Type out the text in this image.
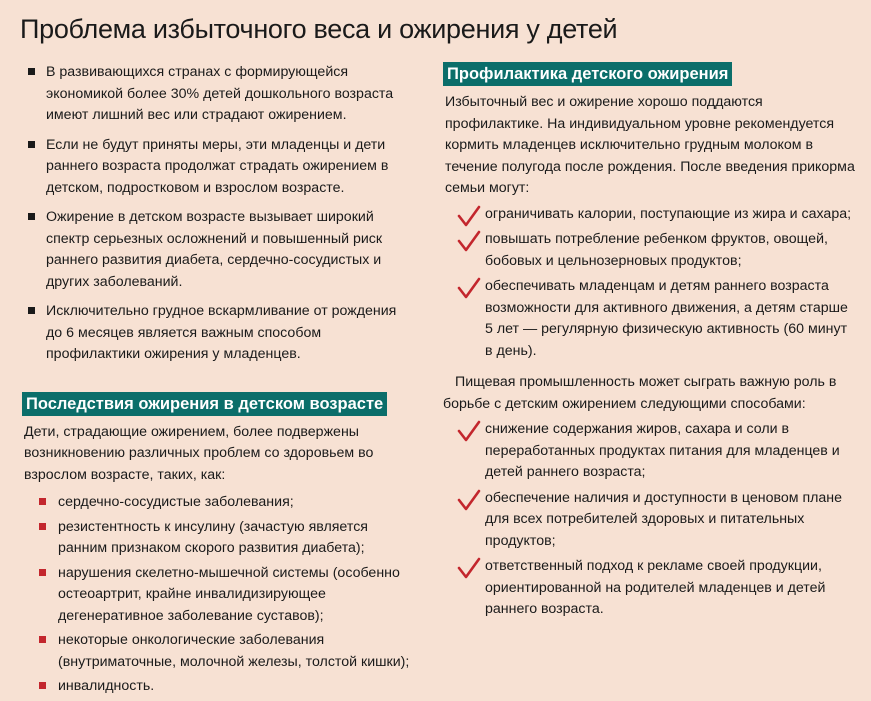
Проблема избыточного веса и ожирения у детей
В развивающихся странах с формирующейся экономикой более 30% детей дошкольного возраста имеют лишний вес или страдают ожирением.
Если не будут приняты меры, эти младенцы и дети раннего возраста продолжат страдать ожирением в детском, подростковом и взрослом возрасте.
Ожирение в детском возрасте вызывает широкий спектр серьезных осложнений и повышенный риск раннего развития диабета, сердечно-сосудистых и других заболеваний.
Исключительно грудное вскармливание от рождения до 6 месяцев является важным способом профилактики ожирения у младенцев.
Последствия ожирения в детском возрасте

Дети, страдающие ожирением, более подвержены возникновению различных проблем со здоровьем во взрослом возрасте, таких, как:

сердечно-сосудистые заболевания;
резистентность к инсулину (зачастую является ранним признаком скорого развития диабета);
нарушения скелетно-мышечной системы (особенно остеоартрит, крайне инвалидизирующее дегенеративное заболевание суставов);
некоторые онкологические заболевания (внутриматочные, молочной железы, толстой кишки);
инвалидность.
Профилактика детского ожирения

Избыточный вес и ожирение хорошо поддаются профилактике. На индивидуальном уровне рекомендуется кормить младенцев исключительно грудным молоком в течение полугода после рождения. После введения прикорма семьи могут:

ограничивать калории, поступающие из жира и сахара;
повышать потребление ребенком фруктов, овощей, бобовых и цельнозерновых продуктов;
обеспечивать младенцам и детям раннего возраста возможности для активного движения, а детям старше 5 лет — регулярную физическую активность (60 минут в день).

Пищевая промышленность может сыграть важную роль в борьбе с детским ожирением следующими способами:

снижение содержания жиров, сахара и соли в переработанных продуктах питания для младенцев и детей раннего возраста;
обеспечение наличия и доступности в ценовом плане для всех потребителей здоровых и питательных продуктов;
ответственный подход к рекламе своей продукции, ориентированной на родителей младенцев и детей раннего возраста.
